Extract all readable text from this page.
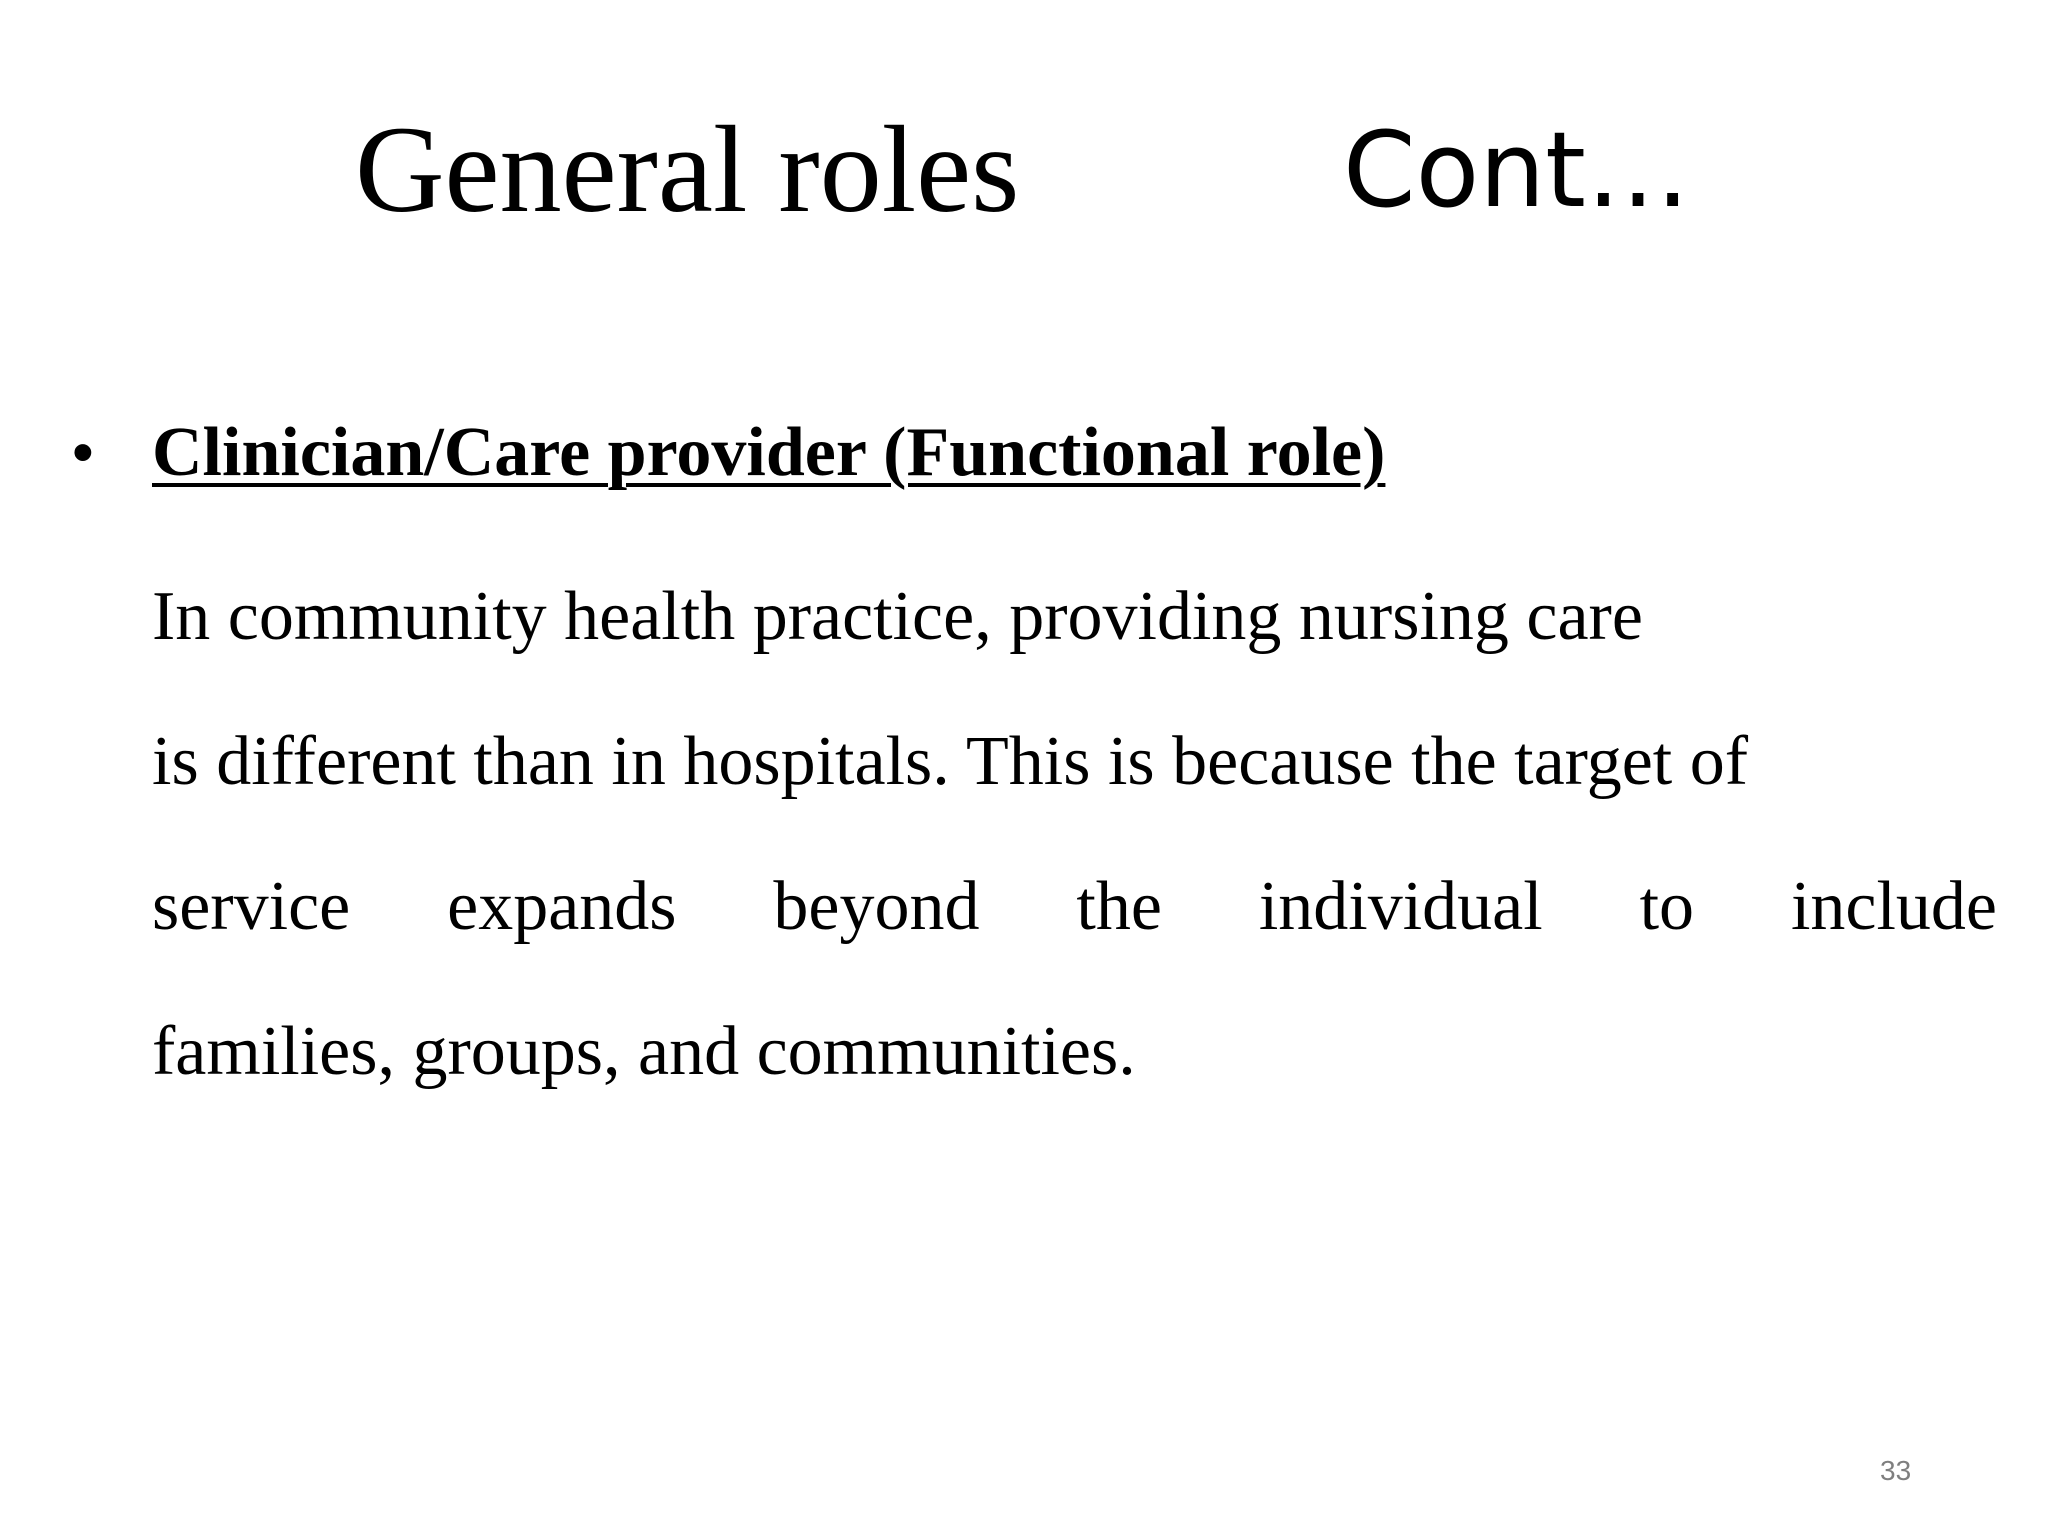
General roles	Cont…
• Clinician/Care provider (Functional role)
In community health practice, providing nursing care
is different than in hospitals. This is because the target of
service expands beyond the individual to include
families, groups, and communities.
33
